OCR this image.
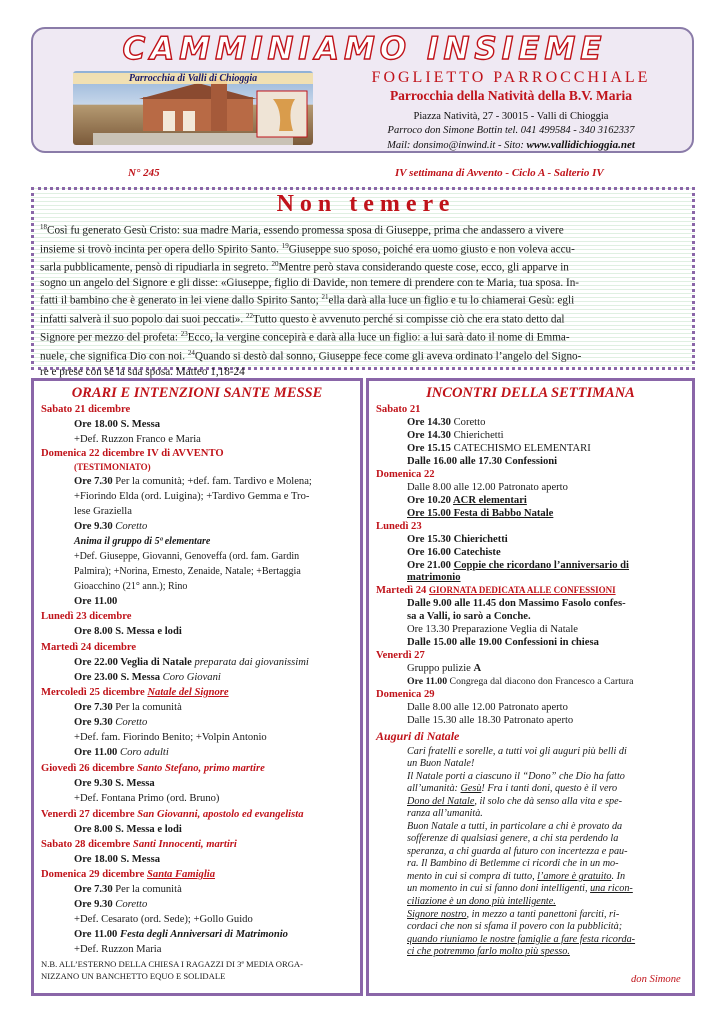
CAMMINIAMO INSIEME
Parrocchia di Valli di Chioggia	FOGLIETTO PARROCCHIALE
Parrocchia della Natività della B.V. Maria
Piazza Natività, 27 - 30015 - Valli di Chioggia
Parroco don Simone Bottin tel. 041 499584 - 340 3162337
Mail: donsimo@inwind.it - Sito: www.vallidichioggia.net
N° 245	IV settimana di Avvento - Ciclo A - Salterio IV
Non temere
$^{18}$Così fu generato Gesù Cristo: sua madre Maria, essendo promessa sposa di Giuseppe, prima che andassero a vivere
insieme si trovò incinta per opera dello Spirito Santo. $^{19}$Giuseppe suo sposo, poiché era uomo giusto e non voleva accu-
sarla pubblicamente, pensò di ripudiarla in segreto. $^{20}$Mentre però stava considerando queste cose, ecco, gli apparve in
sogno un angelo del Signore e gli disse: «Giuseppe, figlio di Davide, non temere di prendere con te Maria, tua sposa. In-
fatti il bambino che è generato in lei viene dallo Spirito Santo; $^{21}$ella darà alla luce un figlio e tu lo chiamerai Gesù: egli
infatti salverà il suo popolo dai suoi peccati». $^{22}$Tutto questo è avvenuto perché si compisse ciò che era stato detto dal
Signore per mezzo del profeta: $^{23}$Ecco, la vergine concepirà e darà alla luce un figlio: a lui sarà dato il nome di Emma-
nuele, che significa Dio con noi. $^{24}$Quando si destò dal sonno, Giuseppe fece come gli aveva ordinato l’angelo del Signo-
re e prese con sé la sua sposa. Matteo 1,18-24
ORARI E INTENZIONI SANTE MESSE
Sabato 21 dicembre
Ore 18.00 S. Messa
+Def. Ruzzon Franco e Maria
Domenica 22 dicembre IV di AVVENTO
(TESTIMONIATO)
Ore 7.30 Per la comunità; +def. fam. Tardivo e Molena;
+Fiorindo Elda (ord. Luigina); +Tardivo Gemma e Tro-
lese Graziella
Ore 9.30 Coretto
Anima il gruppo di 5ª elementare
+Def. Giuseppe, Giovanni, Genoveffa (ord. fam. Gardin
Palmira); +Norina, Ernesto, Zenaide, Natale; +Bertaggia
Gioacchino (21° ann.); Rino
Ore 11.00
Lunedì 23 dicembre
Ore 8.00 S. Messa e lodi
Martedì 24 dicembre
Ore 22.00 Veglia di Natale preparata dai giovanissimi
Ore 23.00 S. Messa Coro Giovani
Mercoledì 25 dicembre Natale del Signore
Ore 7.30 Per la comunità
Ore 9.30 Coretto
+Def. fam. Fiorindo Benito; +Volpin Antonio
Ore 11.00 Coro adulti
Giovedì 26 dicembre Santo Stefano, primo martire
Ore 9.30 S. Messa
+Def. Fontana Primo (ord. Bruno)
Venerdì 27 dicembre San Giovanni, apostolo ed evangelista
Ore 8.00 S. Messa e lodi
Sabato 28 dicembre Santi Innocenti, martiri
Ore 18.00 S. Messa
Domenica 29 dicembre Santa Famiglia
Ore 7.30 Per la comunità
Ore 9.30 Coretto
+Def. Cesarato (ord. Sede); +Gollo Guido
Ore 11.00 Festa degli Anniversari di Matrimonio
+Def. Ruzzon Maria
N.B. ALL’ESTERNO DELLA CHIESA I RAGAZZI DI 3ª MEDIA ORGA-
NIZZANO UN BANCHETTO EQUO E SOLIDALE
INCONTRI DELLA SETTIMANA
Sabato 21
Ore 14.30 Coretto
Ore 14.30 Chierichetti
Ore 15.15 CATECHISMO ELEMENTARI
Dalle 16.00 alle 17.30 Confessioni
Domenica 22
Dalle 8.00 alle 12.00 Patronato aperto
Ore 10.20 ACR elementari
Ore 15.00 Festa di Babbo Natale
Lunedì 23
Ore 15.30 Chierichetti
Ore 16.00 Catechiste
Ore 21.00 Coppie che ricordano l’anniversario di
matrimonio
Martedì 24 GIORNATA DEDICATA ALLE CONFESSIONI
Dalle 9.00 alle 11.45 don Massimo Fasolo confes-
sa a Valli, io sarò a Conche.
Ore 13.30 Preparazione Veglia di Natale
Dalle 15.00 alle 19.00 Confessioni in chiesa
Venerdì 27
Gruppo pulizie A
Ore 11.00 Congrega dal diacono don Francesco a Cartura
Domenica 29
Dalle 8.00 alle 12.00 Patronato aperto
Dalle 15.30 alle 18.30 Patronato aperto
Auguri di Natale
Cari fratelli e sorelle, a tutti voi gli auguri più belli di
un Buon Natale!
Il Natale porti a ciascuno il “Dono” che Dio ha fatto
all’umanità: Gesù! Fra i tanti doni, questo è il vero
Dono del Natale, il solo che dà senso alla vita e spe-
ranza all’umanità.
Buon Natale a tutti, in particolare a chi è provato da
sofferenze di qualsiasi genere, a chi sta perdendo la
speranza, a chi guarda al futuro con incertezza e pau-
ra. Il Bambino di Betlemme ci ricordi che in un mo-
mento in cui si compra di tutto, l’amore è gratuito. In
un momento in cui si fanno doni intelligenti, una ricon-
ciliazione è un dono più intelligente.
Signore nostro, in mezzo a tanti panettoni farciti, ri-
cordaci che non si sfama il povero con la pubblicità;
quando riuniamo le nostre famiglie a fare festa ricorda-
ci che potremmo farlo molto più spesso.
don Simone
